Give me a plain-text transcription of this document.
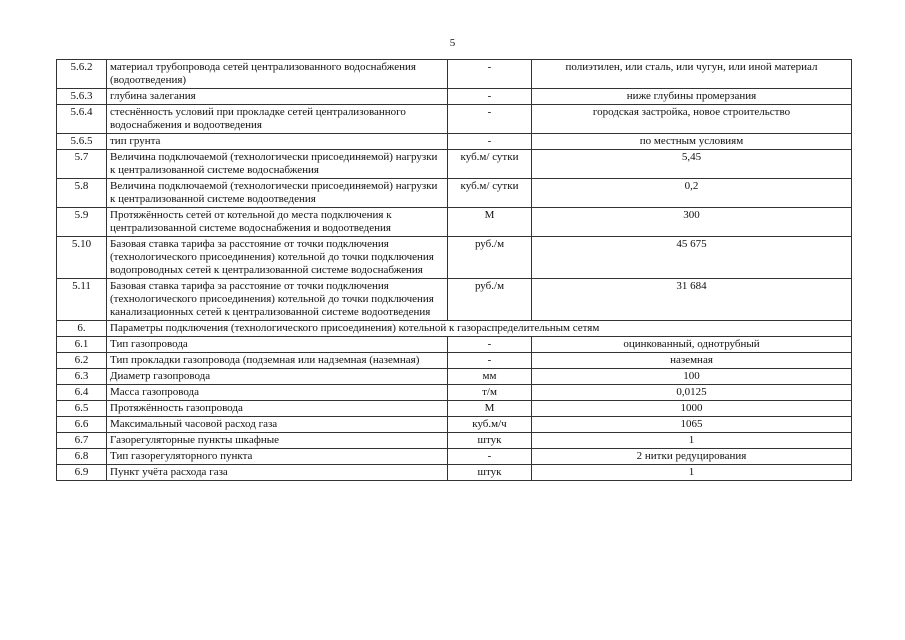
5
5.6.2	материал трубопровода сетей централизованного водоснабжения (водоотведения)	-	полиэтилен, или сталь, или чугун, или иной материал
5.6.3	глубина залегания	-	ниже глубины промерзания
5.6.4	стеснённость условий при прокладке сетей централизованного водоснабжения и водоотведения	-	городская застройка, новое строительство
5.6.5	тип грунта	-	по местным условиям
5.7	Величина подключаемой (технологически присоединяемой) нагрузки к централизованной системе водоснабжения	куб.м/ сутки	5,45
5.8	Величина подключаемой (технологически присоединяемой) нагрузки к централизованной системе водоотведения	куб.м/ сутки	0,2
5.9	Протяжённость сетей от котельной до места подключения к централизованной системе водоснабжения и водоотведения	М	300
5.10	Базовая ставка тарифа за расстояние от точки подключения (технологического присоединения) котельной до точки подключения водопроводных сетей к централизованной системе водоснабжения	руб./м	45 675
5.11	Базовая ставка тарифа за расстояние от точки подключения (технологического присоединения) котельной до точки подключения канализационных сетей к централизованной системе водоотведения	руб./м	31 684
6.	Параметры подключения (технологического присоединения) котельной к газораспределительным сетям		
6.1	Тип газопровода	-	оцинкованный, однотрубный
6.2	Тип прокладки газопровода (подземная или надземная (наземная)	-	наземная
6.3	Диаметр газопровода	мм	100
6.4	Масса газопровода	т/м	0,0125
6.5	Протяжённость газопровода	М	1000
6.6	Максимальный часовой расход газа	куб.м/ч	1065
6.7	Газорегуляторные пункты шкафные	штук	1
6.8	Тип газорегуляторного пункта	-	2 нитки редуцирования
6.9	Пункт учёта расхода газа	штук	1
